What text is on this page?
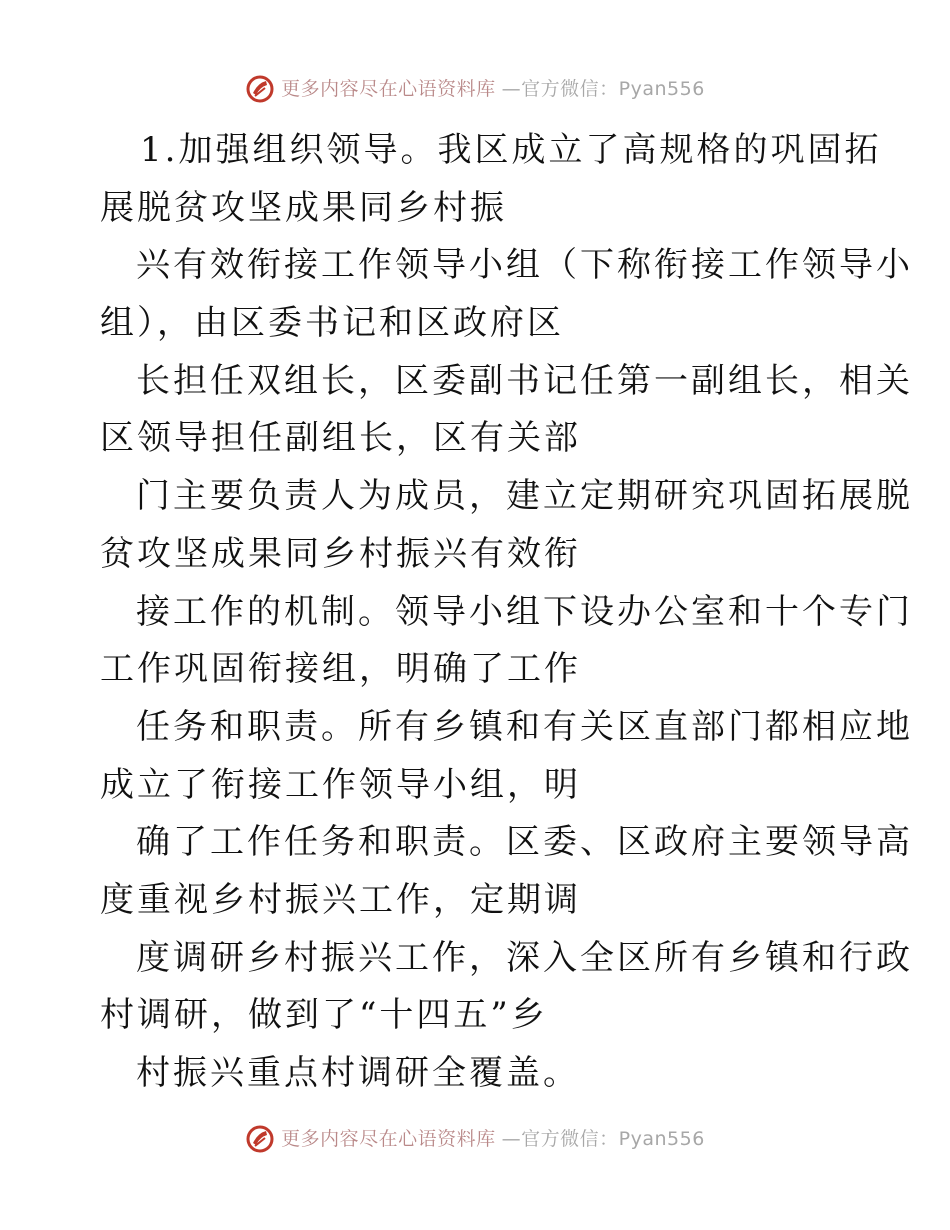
更多内容尽在心语资料库 —官方微信：Pyan556
1.加强组织领导。我区成立了高规格的巩固拓
展脱贫攻坚成果同乡村振
兴有效衔接工作领导小组（下称衔接工作领导小
组），由区委书记和区政府区
长担任双组长，区委副书记任第一副组长，相关
区领导担任副组长，区有关部
门主要负责人为成员，建立定期研究巩固拓展脱
贫攻坚成果同乡村振兴有效衔
接工作的机制。领导小组下设办公室和十个专门
工作巩固衔接组，明确了工作
任务和职责。所有乡镇和有关区直部门都相应地
成立了衔接工作领导小组，明
确了工作任务和职责。区委、区政府主要领导高
度重视乡村振兴工作，定期调
度调研乡村振兴工作，深入全区所有乡镇和行政
村调研，做到了“十四五”乡
村振兴重点村调研全覆盖。
更多内容尽在心语资料库 —官方微信：Pyan556
